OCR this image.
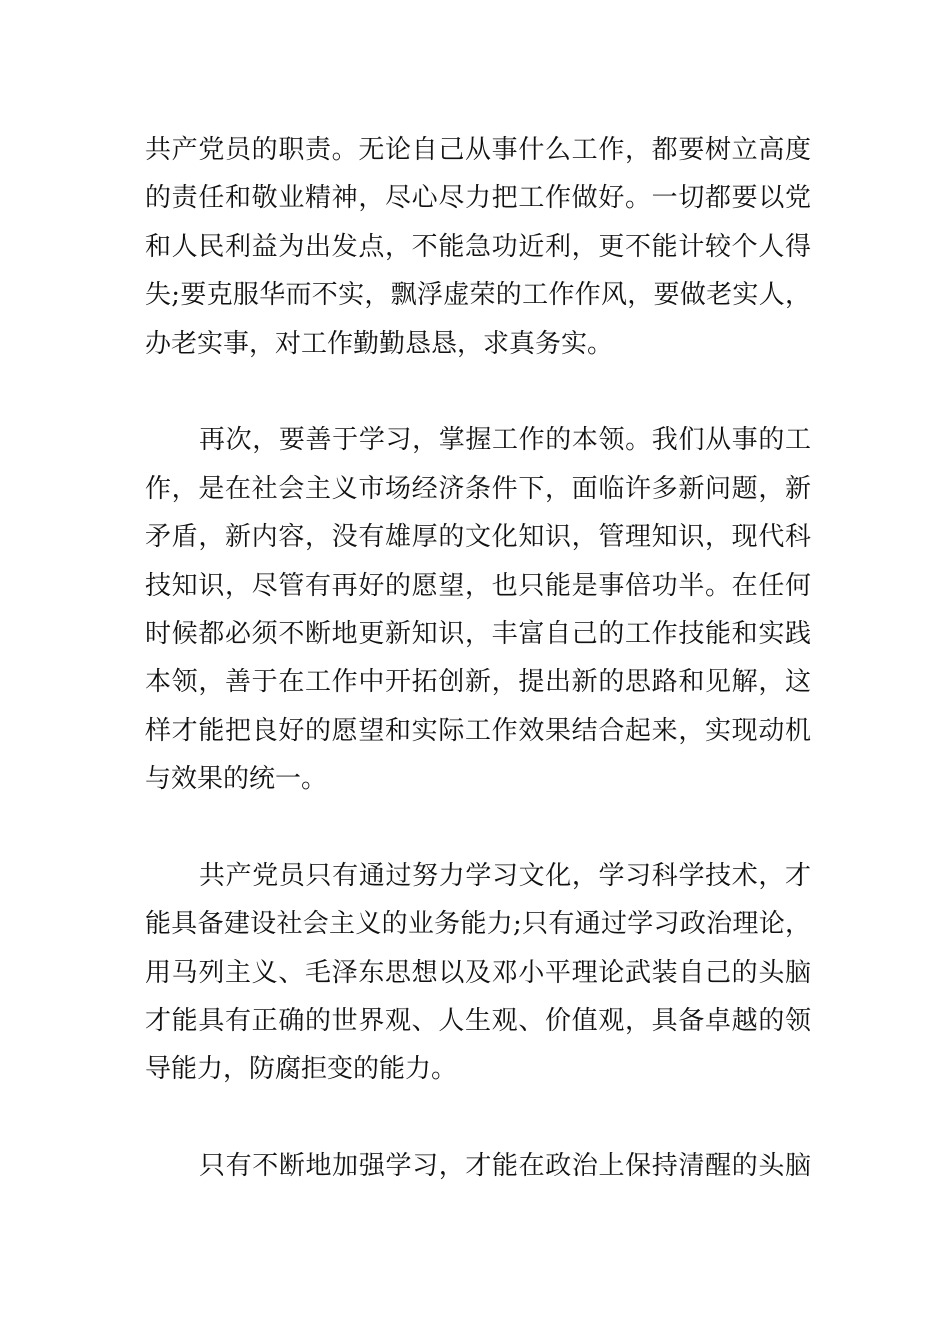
共产党员的职责。无论自己从事什么工作，都要树立高度
的责任和敬业精神，尽心尽力把工作做好。一切都要以党
和人民利益为出发点，不能急功近利，更不能计较个人得
失;要克服华而不实，飘浮虚荣的工作作风，要做老实人，
办老实事，对工作勤勤恳恳，求真务实。
再次，要善于学习，掌握工作的本领。我们从事的工
作，是在社会主义市场经济条件下，面临许多新问题，新
矛盾，新内容，没有雄厚的文化知识，管理知识，现代科
技知识，尽管有再好的愿望，也只能是事倍功半。在任何
时候都必须不断地更新知识，丰富自己的工作技能和实践
本领，善于在工作中开拓创新，提出新的思路和见解，这
样才能把良好的愿望和实际工作效果结合起来，实现动机
与效果的统一。
共产党员只有通过努力学习文化，学习科学技术，才
能具备建设社会主义的业务能力;只有通过学习政治理论，
用马列主义、毛泽东思想以及邓小平理论武装自己的头脑
才能具有正确的世界观、人生观、价值观，具备卓越的领
导能力，防腐拒变的能力。
只有不断地加强学习，才能在政治上保持清醒的头脑
